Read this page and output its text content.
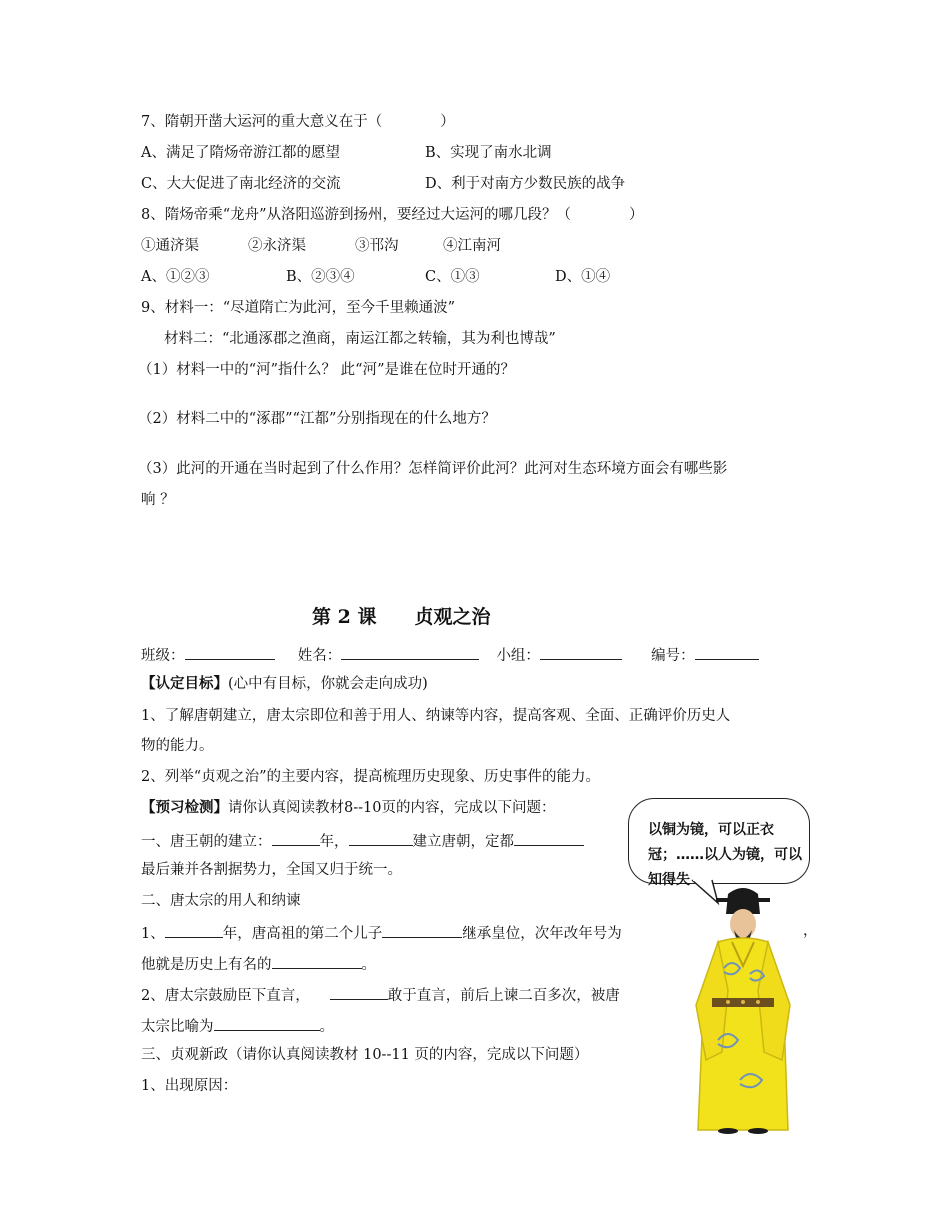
7、隋朝开凿大运河的重大意义在于（　　　　）
A、满足了隋炀帝游江都的愿望	B、实现了南水北调
C、大大促进了南北经济的交流	D、利于对南方少数民族的战争
8、隋炀帝乘“龙舟”从洛阳巡游到扬州，要经过大运河的哪几段？（　　　　）
①通济渠	②永济渠	③邗沟	④江南河
A、①②③	B、②③④	C、①③	D、①④
9、材料一：“尽道隋亡为此河，至今千里赖通波”
材料二：“北通涿郡之渔商，南运江都之转输，其为利也博哉”
（1）材料一中的“河”指什么？ 此“河”是谁在位时开通的？
（2）材料二中的“涿郡”“江都”分别指现在的什么地方？
（3）此河的开通在当时起到了什么作用？怎样简评价此河？此河对生态环境方面会有哪些影
响 ？
第 2 课　　贞观之治
班级：	姓名：	小组：	编号：
【认定目标】(心中有目标，你就会走向成功)
1、了解唐朝建立，唐太宗即位和善于用人、纳谏等内容，提高客观、全面、正确评价历史人
物的能力。
2、列举“贞观之治”的主要内容，提高梳理历史现象、历史事件的能力。
【预习检测】请你认真阅读教材8--10页的内容，完成以下问题：
一、唐王朝的建立：	年，	建立唐朝，定都
最后兼并各割据势力，全国又归于统一。
二、唐太宗的用人和纳谏
1、	年，唐高祖的第二个儿子	继承皇位，次年改年号为	，
他就是历史上有名的	。
2、唐太宗鼓励臣下直言，	敢于直言，前后上谏二百多次，被唐
太宗比喻为	。
三、贞观新政（请你认真阅读教材 10--11 页的内容，完成以下问题）
1、出现原因：
以铜为镜，可以正衣冠；……以人为镜，可以知得失
